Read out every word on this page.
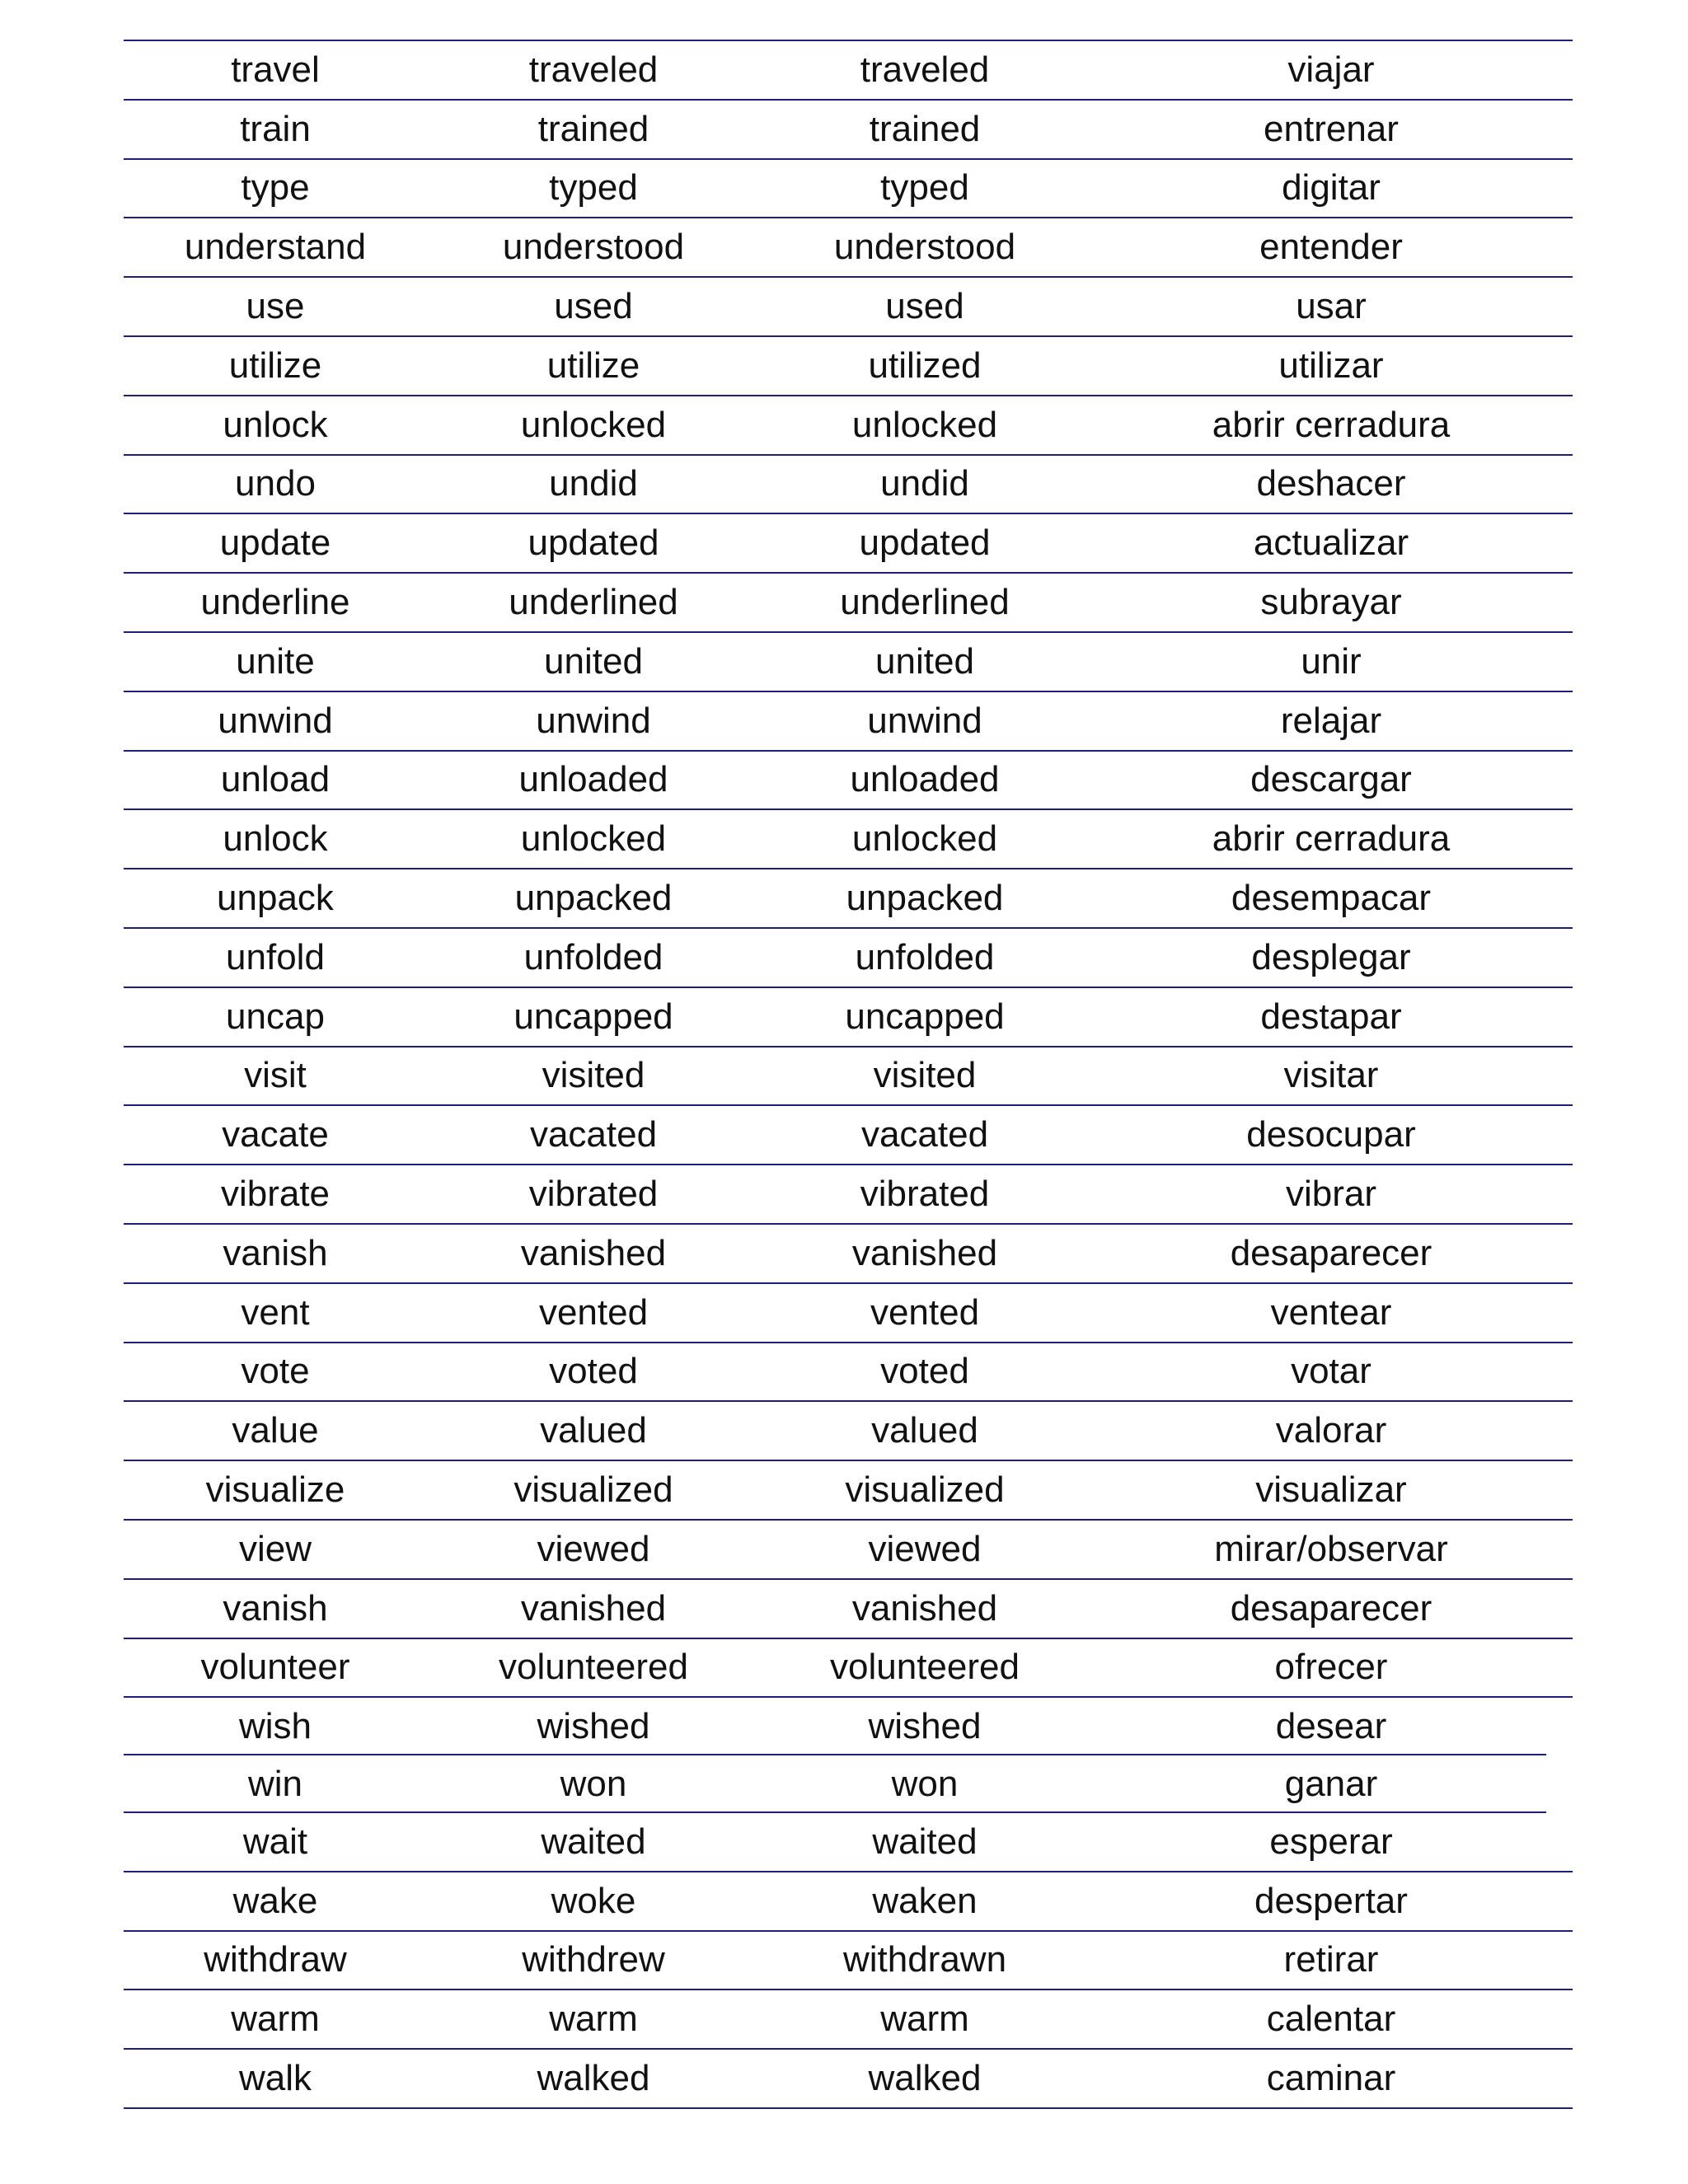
travel	traveled	traveled	viajar
train	trained	trained	entrenar
type	typed	typed	digitar
understand	understood	understood	entender
use	used	used	usar
utilize	utilize	utilized	utilizar
unlock	unlocked	unlocked	abrir cerradura
undo	undid	undid	deshacer
update	updated	updated	actualizar
underline	underlined	underlined	subrayar
unite	united	united	unir
unwind	unwind	unwind	relajar
unload	unloaded	unloaded	descargar
unlock	unlocked	unlocked	abrir cerradura
unpack	unpacked	unpacked	desempacar
unfold	unfolded	unfolded	desplegar
uncap	uncapped	uncapped	destapar
visit	visited	visited	visitar
vacate	vacated	vacated	desocupar
vibrate	vibrated	vibrated	vibrar
vanish	vanished	vanished	desaparecer
vent	vented	vented	ventear
vote	voted	voted	votar
value	valued	valued	valorar
visualize	visualized	visualized	visualizar
view	viewed	viewed	mirar/observar
vanish	vanished	vanished	desaparecer
volunteer	volunteered	volunteered	ofrecer
wish	wished	wished	desear
win	won	won	ganar
wait	waited	waited	esperar
wake	woke	waken	despertar
withdraw	withdrew	withdrawn	retirar
warm	warm	warm	calentar
walk	walked	walked	caminar
